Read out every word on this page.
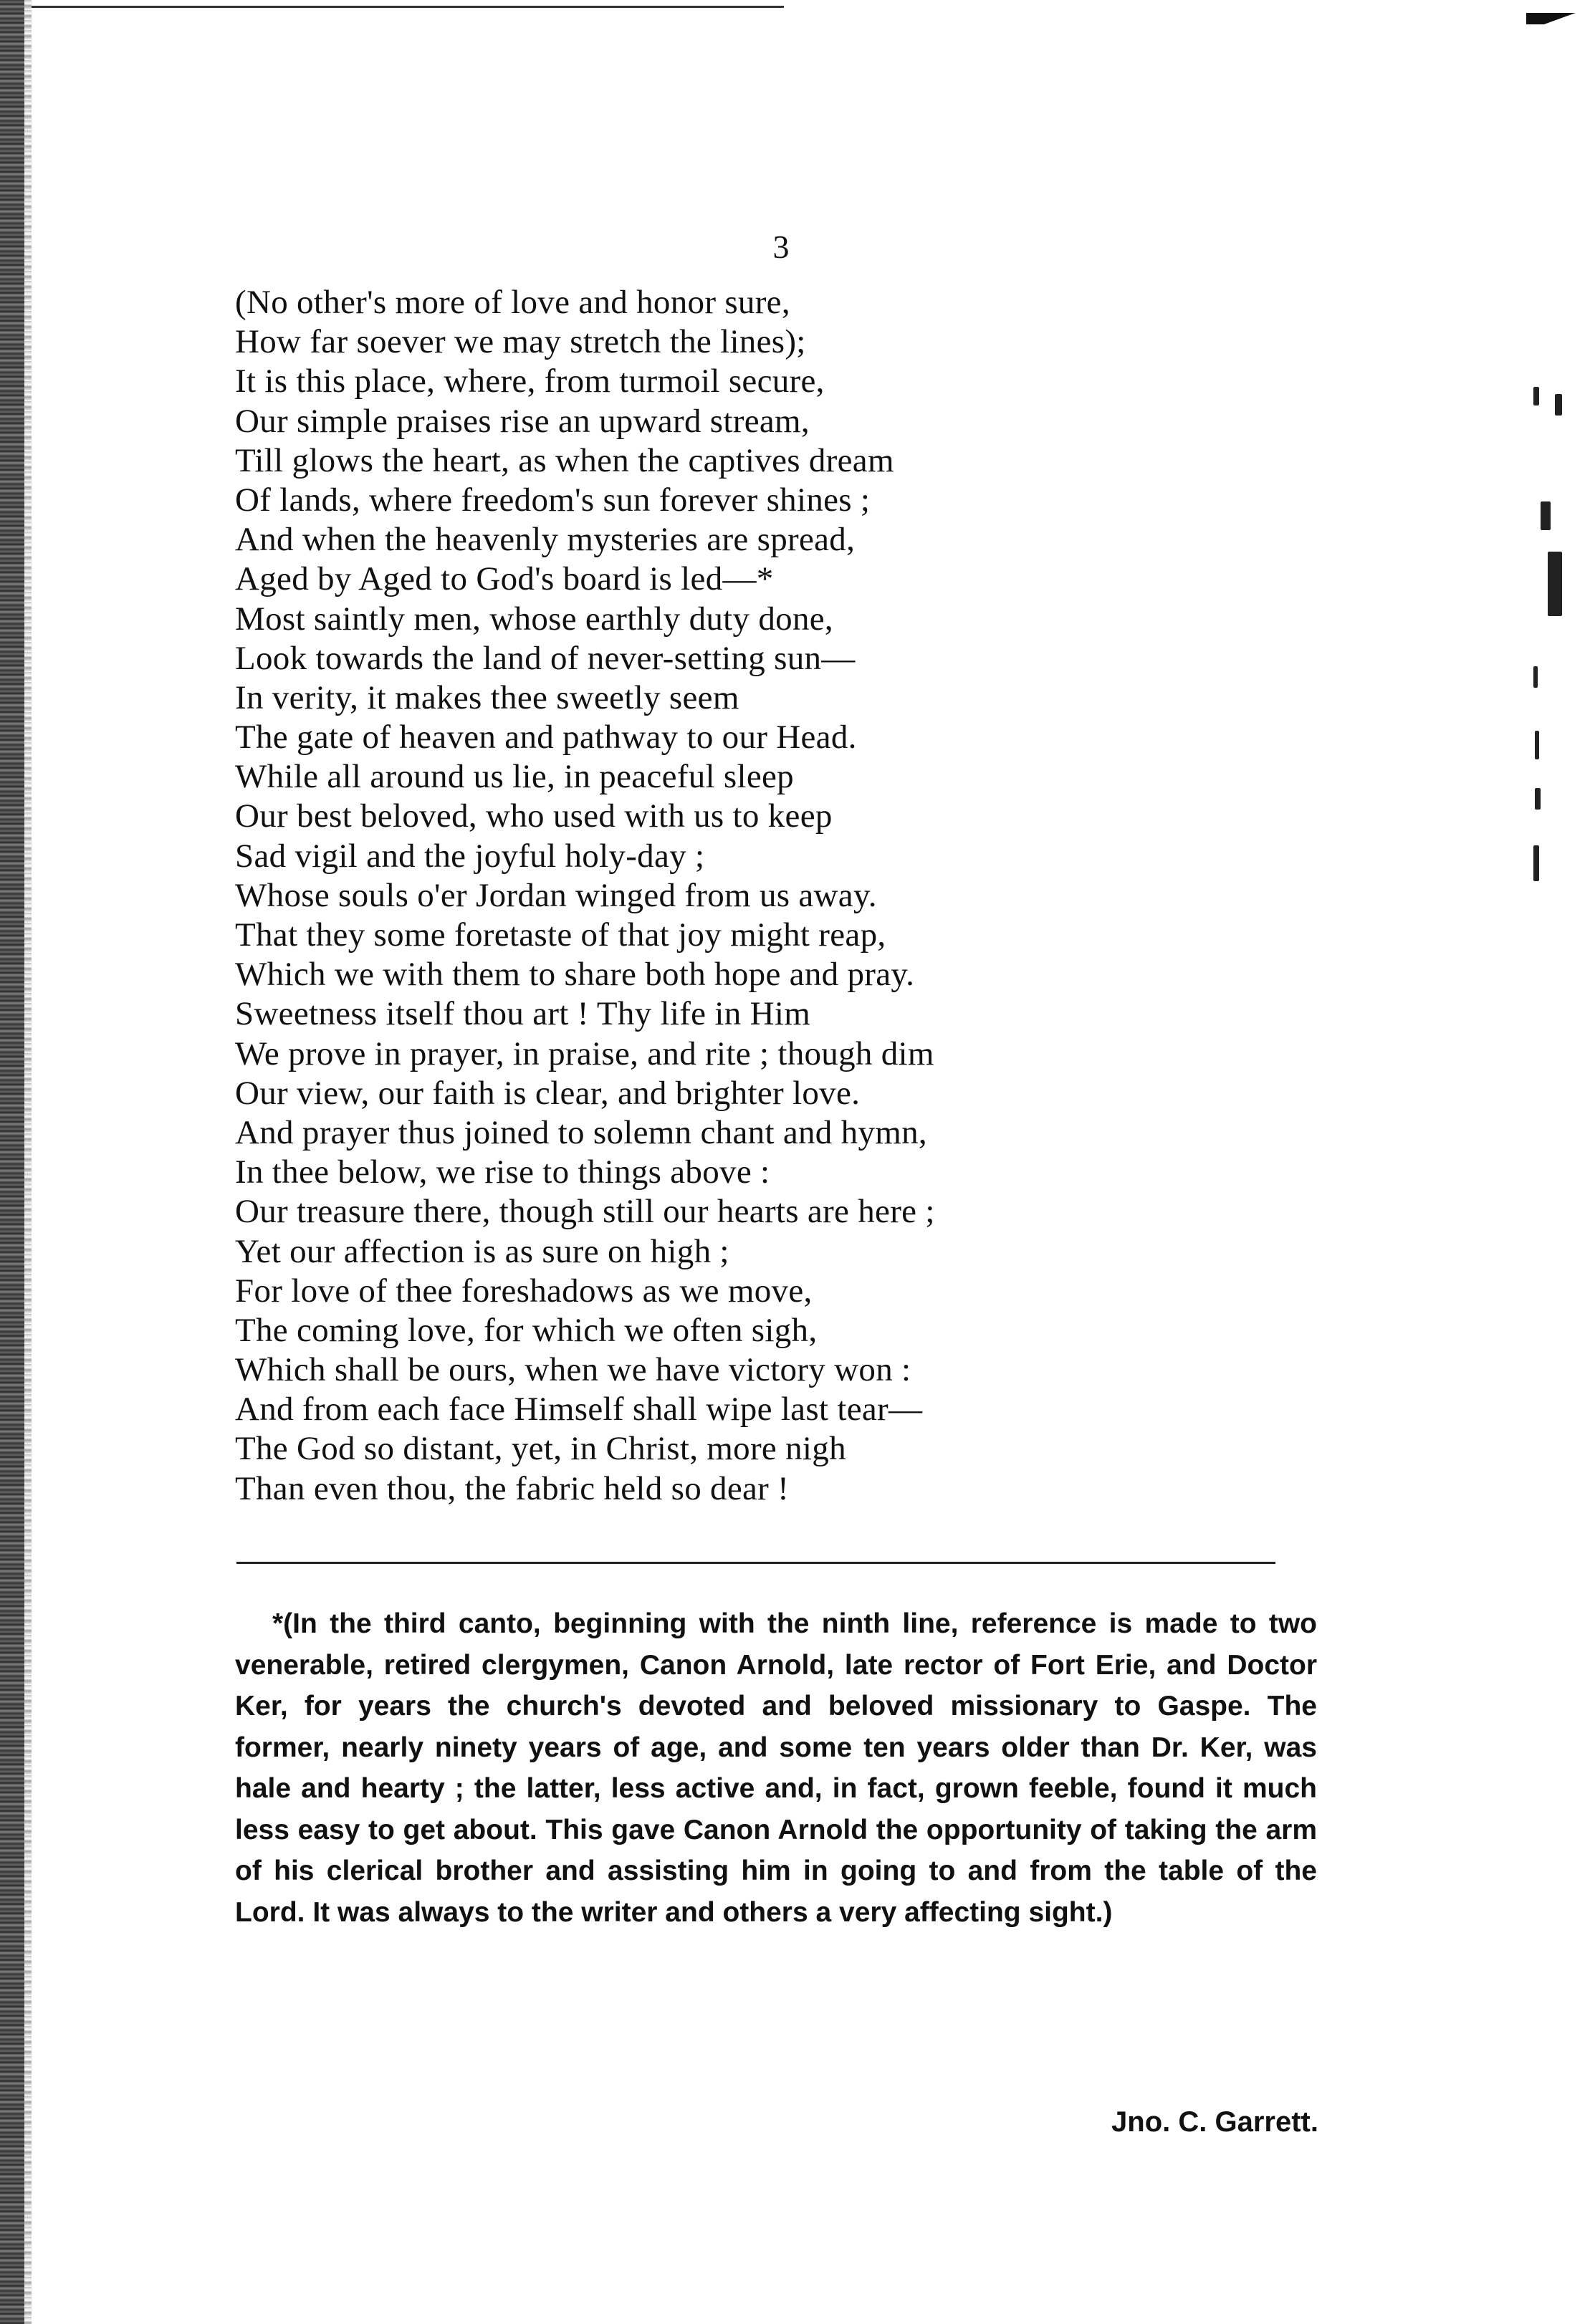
3
(No other's more of love and honor sure,
How far soever we may stretch the lines);
It is this place, where, from turmoil secure,
Our simple praises rise an upward stream,
Till glows the heart, as when the captives dream
Of lands, where freedom's sun forever shines ;
And when the heavenly mysteries are spread,
Aged by Aged to God's board is led—*
Most saintly men, whose earthly duty done,
Look towards the land of never-setting sun—
In verity, it makes thee sweetly seem
The gate of heaven and pathway to our Head.
While all around us lie, in peaceful sleep
Our best beloved, who used with us to keep
Sad vigil and the joyful holy-day ;
Whose souls o'er Jordan winged from us away.
That they some foretaste of that joy might reap,
Which we with them to share both hope and pray.
Sweetness itself thou art ! Thy life in Him
We prove in prayer, in praise, and rite ; though dim
Our view, our faith is clear, and brighter love.
And prayer thus joined to solemn chant and hymn,
In thee below, we rise to things above :
Our treasure there, though still our hearts are here ;
Yet our affection is as sure on high ;
For love of thee foreshadows as we move,
The coming love, for which we often sigh,
Which shall be ours, when we have victory won :
And from each face Himself shall wipe last tear—
The God so distant, yet, in Christ, more nigh
Than even thou, the fabric held so dear !

*(In the third canto, beginning with the ninth line, reference is made to two venerable, retired clergymen, Canon Arnold, late rector of Fort Erie, and Doctor Ker, for years the church's devoted and beloved missionary to Gaspe. The former, nearly ninety years of age, and some ten years older than Dr. Ker, was hale and hearty ; the latter, less active and, in fact, grown feeble, found it much less easy to get about. This gave Canon Arnold the opportunity of taking the arm of his clerical brother and assisting him in going to and from the table of the Lord. It was always to the writer and others a very affecting sight.)

Jno. C. Garrett.
